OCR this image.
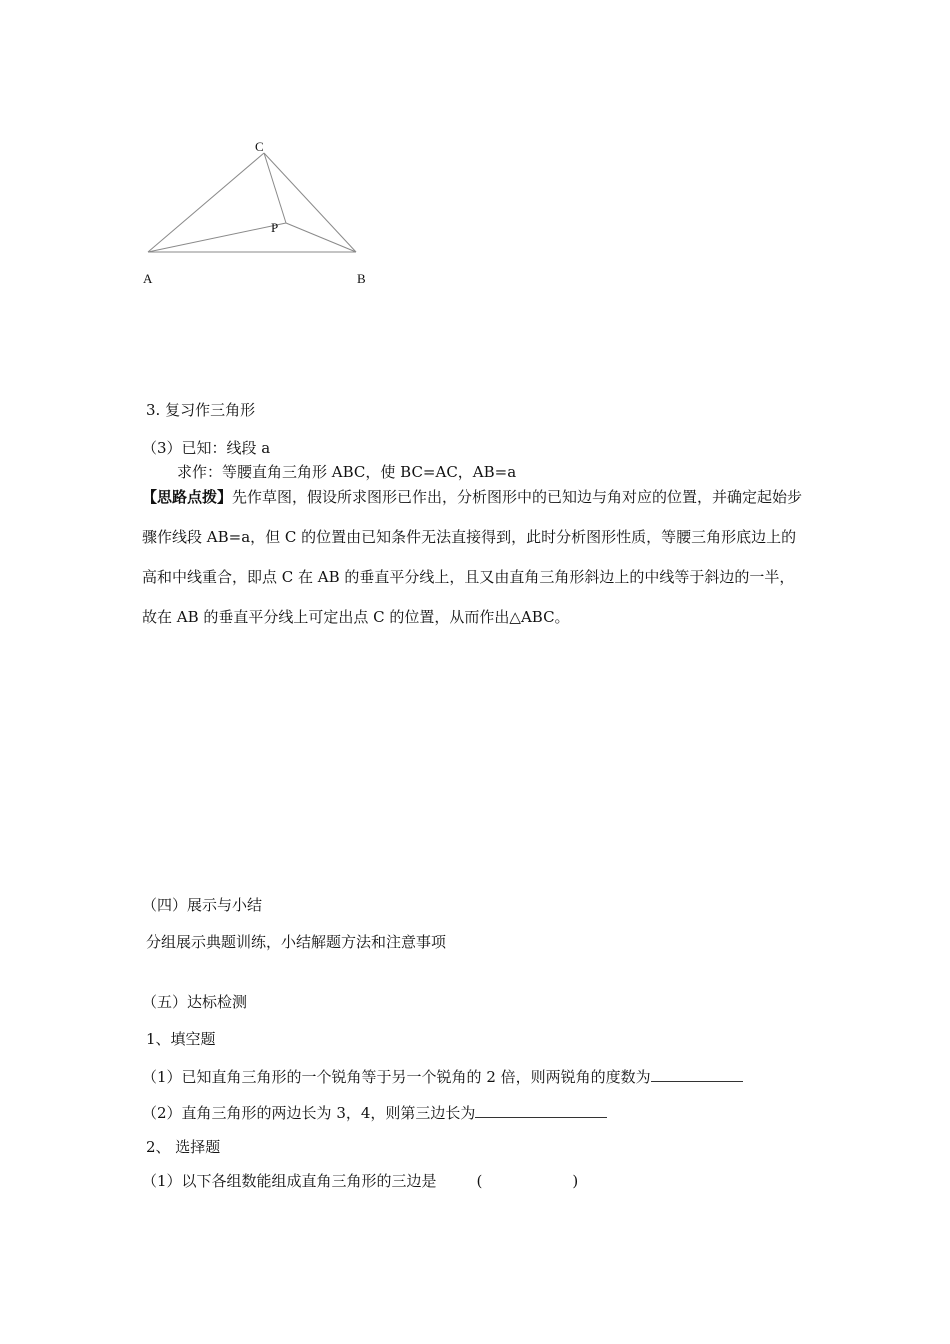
C
P
A	B
3. 复习作三角形
（3）已知：线段 a
求作：等腰直角三角形 ABC，使 BC=AC，AB=a
【思路点拨】先作草图，假设所求图形已作出，分析图形中的已知边与角对应的位置，并确定起始步骤作线段 AB=a，但 C 的位置由已知条件无法直接得到，此时分析图形性质，等腰三角形底边上的高和中线重合，即点 C 在 AB 的垂直平分线上，且又由直角三角形斜边上的中线等于斜边的一半，故在 AB 的垂直平分线上可定出点 C 的位置，从而作出△ABC。
（四）展示与小结
分组展示典题训练，小结解题方法和注意事项
（五）达标检测
1、填空题
（1）已知直角三角形的一个锐角等于另一个锐角的 2 倍，则两锐角的度数为
（2）直角三角形的两边长为 3，4，则第三边长为
2、 选择题
（1）以下各组数能组成直角三角形的三边是	(	)
